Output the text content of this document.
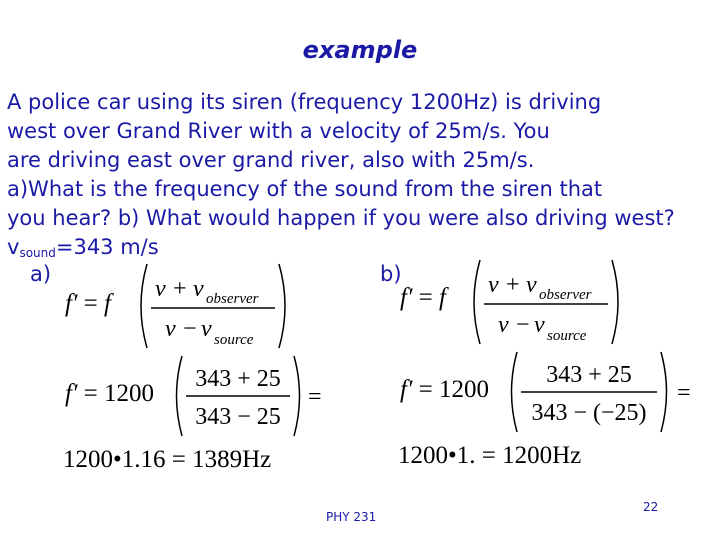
example
A police car using its siren (frequency 1200Hz) is driving
west over Grand River with a velocity of 25m/s. You
are driving east over grand river, also with 25m/s.
a)What is the frequency of the sound from the siren that
you hear? b) What would happen if you were also driving west?
$v_{sound}=343$ m/s
a)	b)
f′ = f
v + v observer
v − v source
f′ = f v + v observer
v − v source
f′ = 1200
343 + 25
343 − 25
=	f′ = 1200
343 + 25
343 − (−25)
=
1200•1.16 = 1389Hz	1200•1. = 1200Hz
PHY 231
22
